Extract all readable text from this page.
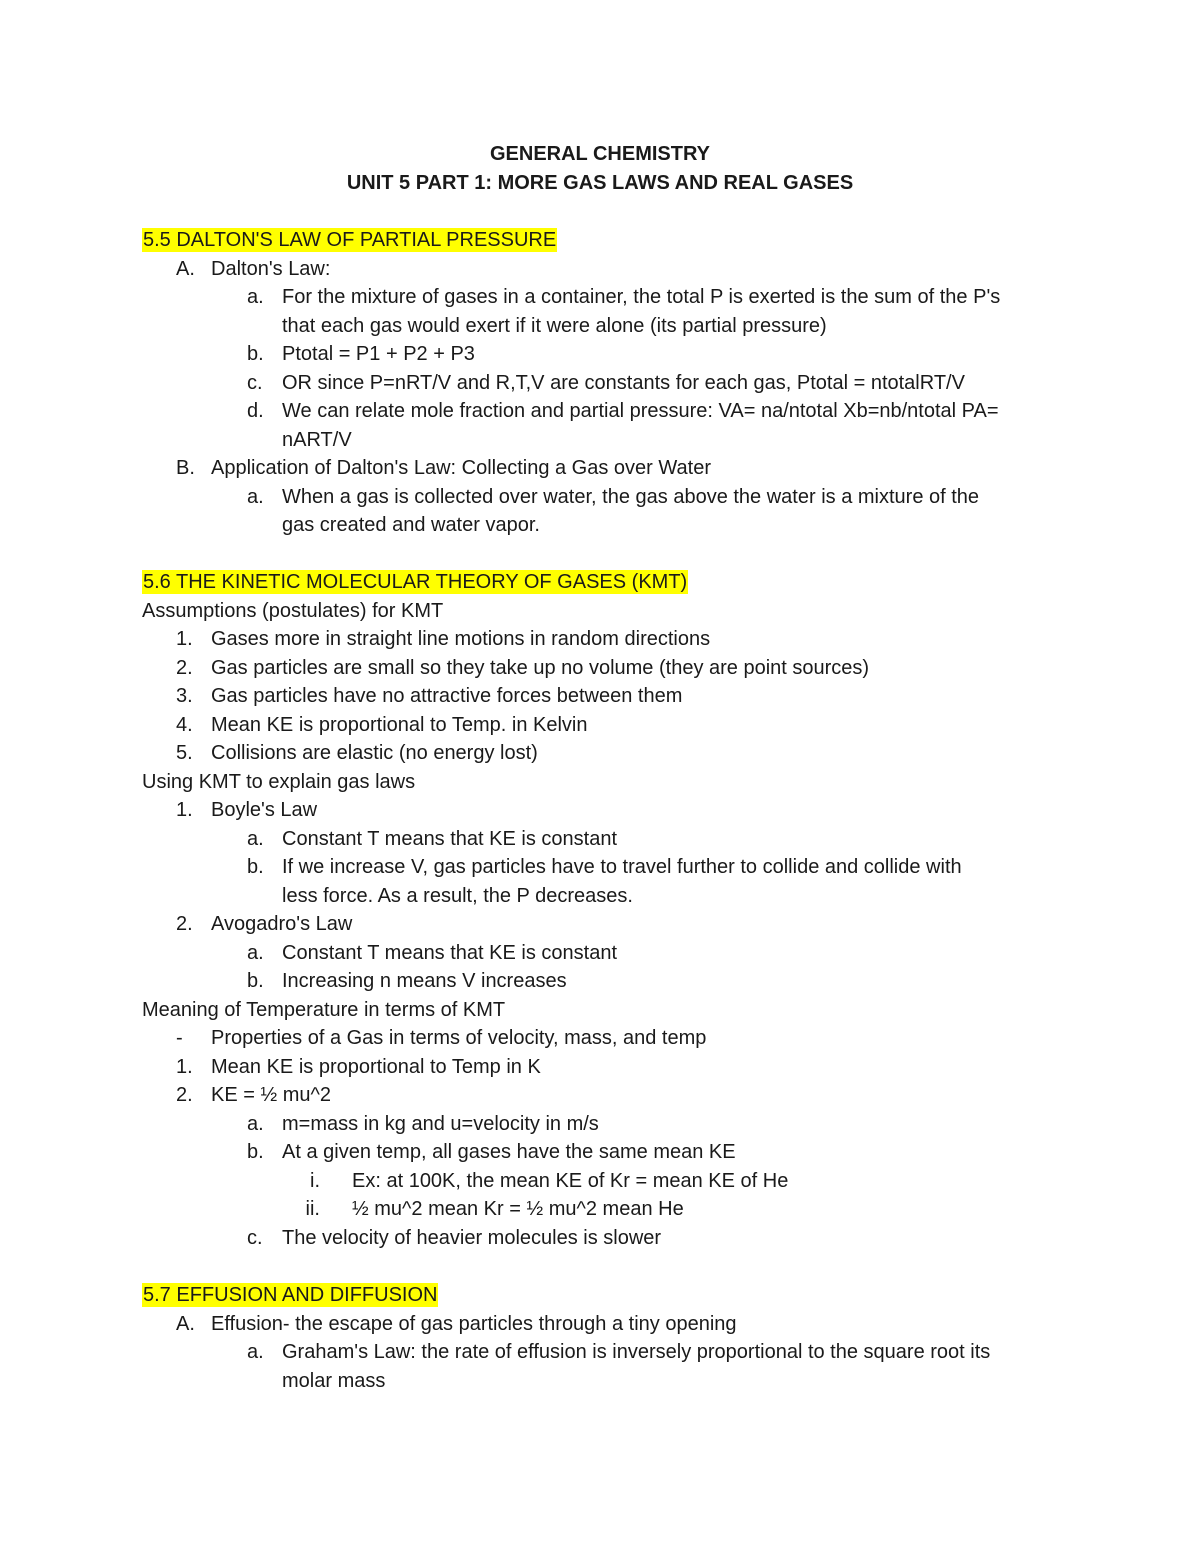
GENERAL CHEMISTRY
UNIT 5 PART 1: MORE GAS LAWS AND REAL GASES
5.5 DALTON'S LAW OF PARTIAL PRESSURE
A. Dalton's Law:
a. For the mixture of gases in a container, the total P is exerted is the sum of the P's
that each gas would exert if it were alone (its partial pressure)
b. Ptotal = P1 + P2 + P3
c. OR since P=nRT/V and R,T,V are constants for each gas, Ptotal = ntotalRT/V
d. We can relate mole fraction and partial pressure: VA= na/ntotal Xb=nb/ntotal PA=
nART/V
B. Application of Dalton's Law: Collecting a Gas over Water
a. When a gas is collected over water, the gas above the water is a mixture of the
gas created and water vapor.
5.6 THE KINETIC MOLECULAR THEORY OF GASES (KMT)
Assumptions (postulates) for KMT
1. Gases more in straight line motions in random directions
2. Gas particles are small so they take up no volume (they are point sources)
3. Gas particles have no attractive forces between them
4. Mean KE is proportional to Temp. in Kelvin
5. Collisions are elastic (no energy lost)
Using KMT to explain gas laws
1. Boyle's Law
a. Constant T means that KE is constant
b. If we increase V, gas particles have to travel further to collide and collide with
less force. As a result, the P decreases.
2. Avogadro's Law
a. Constant T means that KE is constant
b. Increasing n means V increases
Meaning of Temperature in terms of KMT
- Properties of a Gas in terms of velocity, mass, and temp
1. Mean KE is proportional to Temp in K
2. KE = ½ mu^2
a. m=mass in kg and u=velocity in m/s
b. At a given temp, all gases have the same mean KE
i. Ex: at 100K, the mean KE of Kr = mean KE of He
ii. ½ mu^2 mean Kr = ½ mu^2 mean He
c. The velocity of heavier molecules is slower
5.7 EFFUSION AND DIFFUSION
A. Effusion- the escape of gas particles through a tiny opening
a. Graham's Law: the rate of effusion is inversely proportional to the square root its
molar mass
